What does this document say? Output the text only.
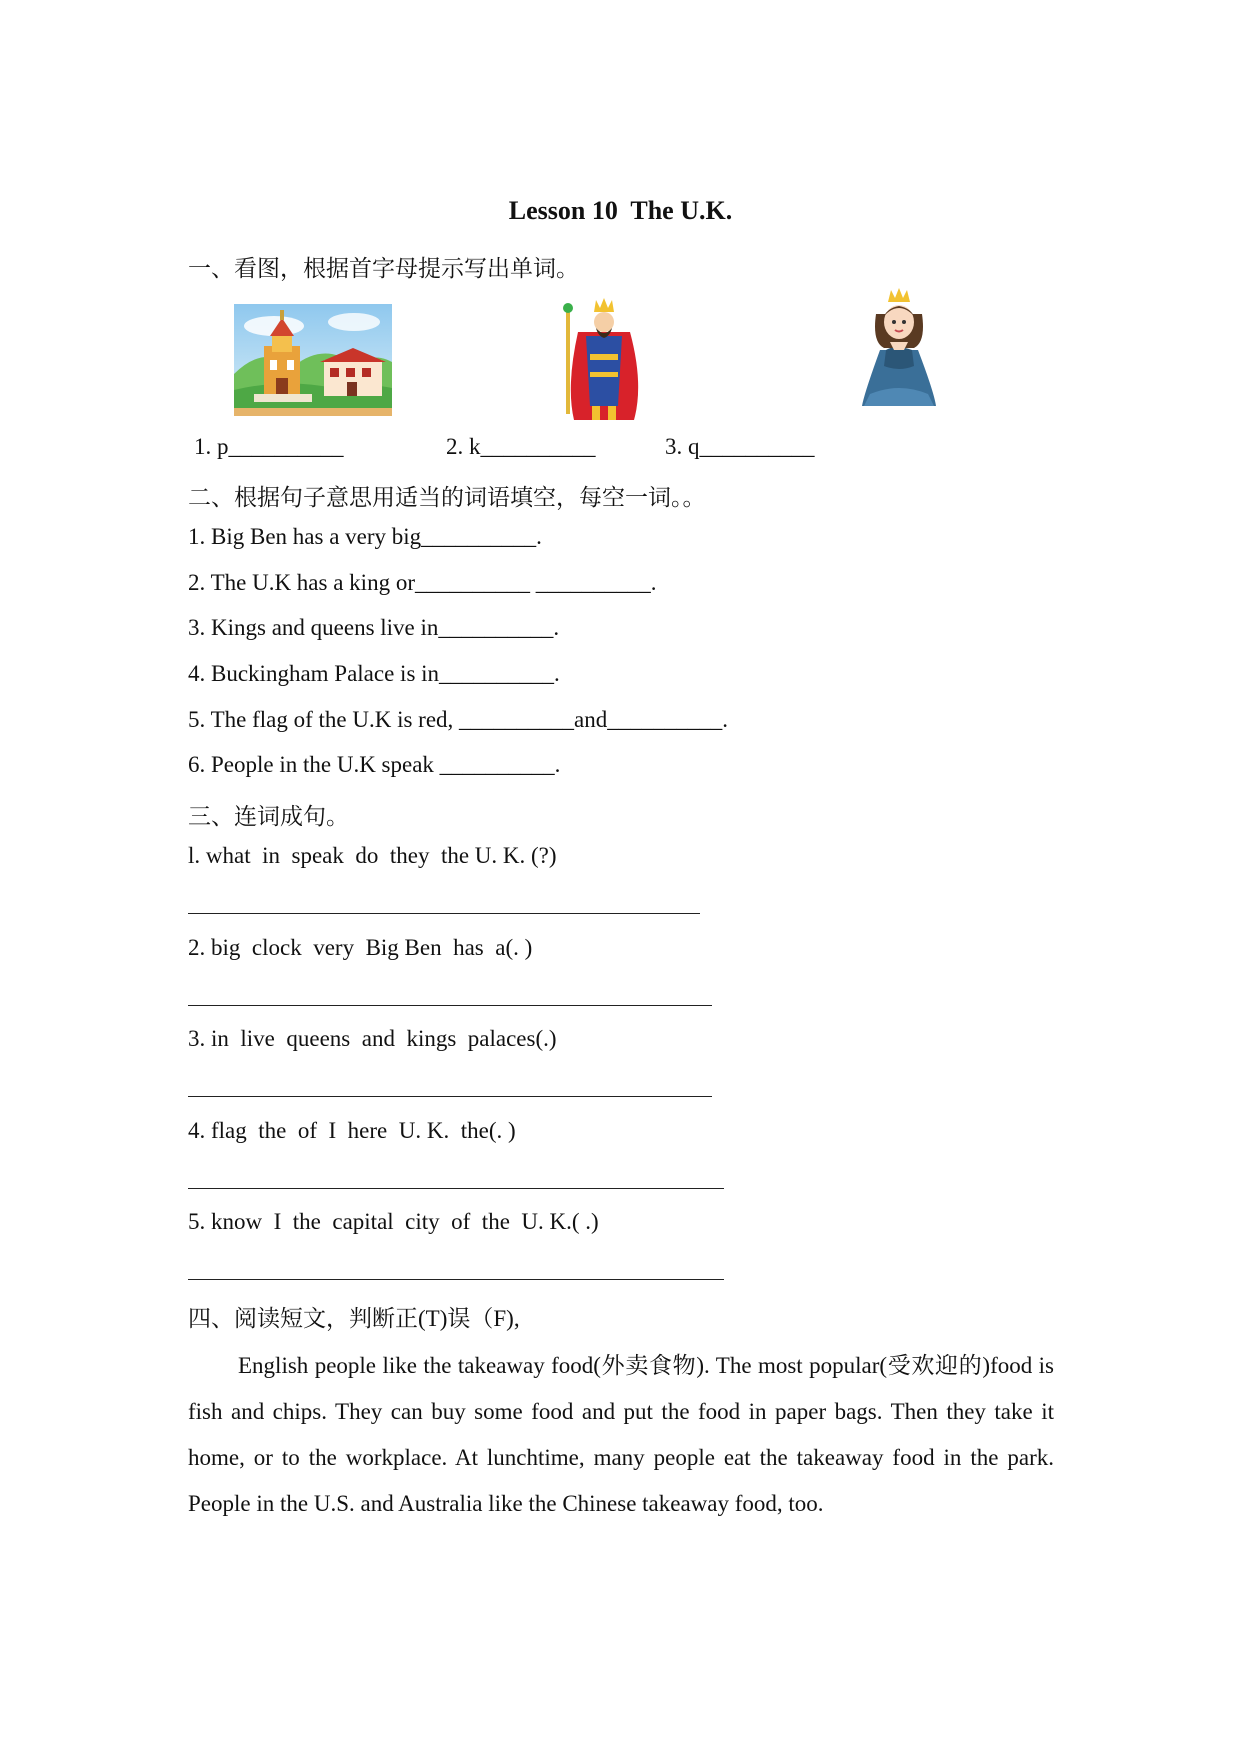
Lesson 10  The U.K.
一、看图，根据首字母提示写出单词。
1. p__________	2. k__________	3. q__________
二、根据句子意思用适当的词语填空，每空一词。。
1. Big Ben has a very big__________.
2. The U.K has a king or__________ __________.
3. Kings and queens live in__________.
4. Buckingham Palace is in__________.
5. The flag of the U.K is red, __________and__________.
6. People in the U.K speak __________.
三、连词成句。
l. what  in  speak  do  they  the U. K. (?)
2. big  clock  very  Big Ben  has  a(. )
3. in  live  queens  and  kings  palaces(.)
4. flag  the  of  I  here  U. K.  the(. )
5. know  I  the  capital  city  of  the  U. K.( .)
四、阅读短文，判断正(T)误（F),
English people like the takeaway food(外卖食物). The most popular(受欢迎的)food is fish and chips. They can buy some food and put the food in paper bags. Then they take it home, or to the workplace. At lunchtime, many people eat the takeaway food in the park. People in the U.S. and Australia like the Chinese takeaway food, too.
